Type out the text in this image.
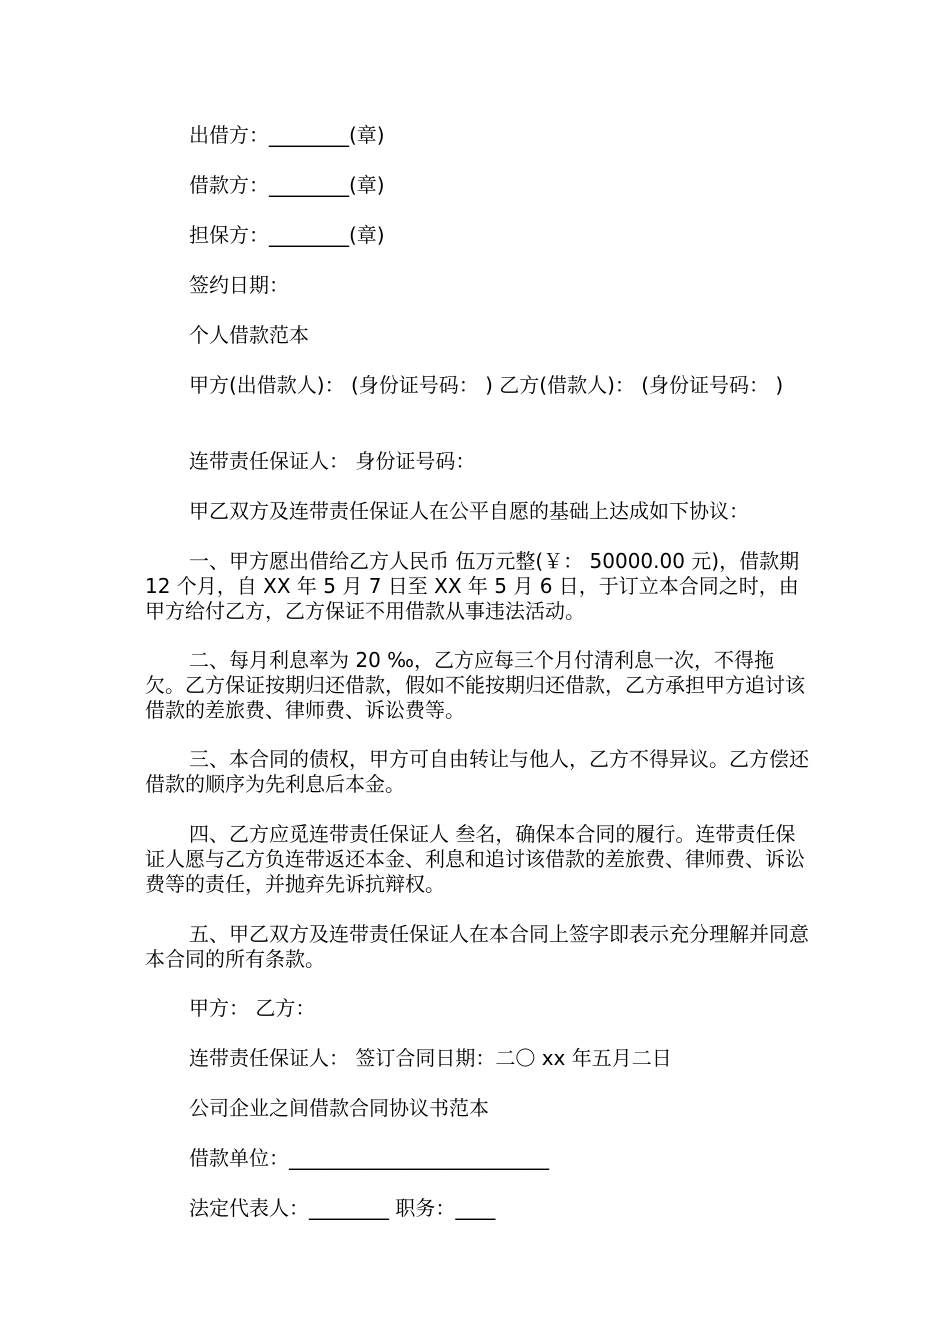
出借方：________(章)

借款方：________(章)

担保方：________(章)

签约日期：

个人借款范本

甲方(出借款人)： (身份证号码： ) 乙方(借款人)： (身份证号码： )

连带责任保证人： 身份证号码：

甲乙双方及连带责任保证人在公平自愿的基础上达成如下协议：

一、甲方愿出借给乙方人民币 伍万元整(￥： 50000.00 元)，借款期 12 个月，自 XX 年 5 月 7 日至 XX 年 5 月 6 日，于订立本合同之时，由甲方给付乙方，乙方保证不用借款从事违法活动。

二、每月利息率为 20 ‰，乙方应每三个月付清利息一次，不得拖欠。乙方保证按期归还借款，假如不能按期归还借款，乙方承担甲方追讨该借款的差旅费、律师费、诉讼费等。

三、本合同的债权，甲方可自由转让与他人，乙方不得异议。乙方偿还借款的顺序为先利息后本金。

四、乙方应觅连带责任保证人 叁名，确保本合同的履行。连带责任保证人愿与乙方负连带返还本金、利息和追讨该借款的差旅费、律师费、诉讼费等的责任，并抛弃先诉抗辩权。

五、甲乙双方及连带责任保证人在本合同上签字即表示充分理解并同意本合同的所有条款。

甲方： 乙方：

连带责任保证人： 签订合同日期：二〇 xx 年五月二日

公司企业之间借款合同协议书范本

借款单位：__________________________

法定代表人：________ 职务：____
